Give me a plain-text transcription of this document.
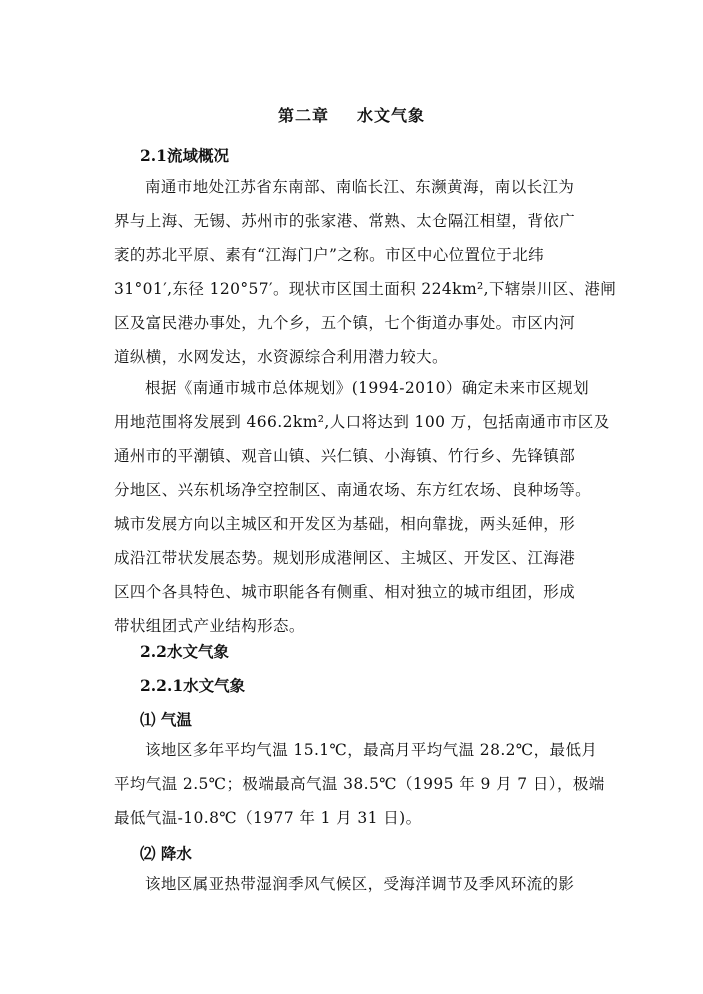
第二章 水文气象
2.1流域概况
南通市地处江苏省东南部、南临长江、东濒黄海，南以长江为
界与上海、无锡、苏州市的张家港、常熟、太仓隔江相望，背依广
袤的苏北平原、素有“江海门户”之称。市区中心位置位于北纬
31°01′,东径 120°57′。现状市区国土面积 224km²,下辖崇川区、港闸
区及富民港办事处，九个乡，五个镇，七个街道办事处。市区内河
道纵横，水网发达，水资源综合利用潜力较大。
根据《南通市城市总体规划》(1994-2010）确定未来市区规划
用地范围将发展到 466.2km²,人口将达到 100 万，包括南通市市区及
通州市的平潮镇、观音山镇、兴仁镇、小海镇、竹行乡、先锋镇部
分地区、兴东机场净空控制区、南通农场、东方红农场、良种场等。
城市发展方向以主城区和开发区为基础，相向靠拢，两头延伸，形
成沿江带状发展态势。规划形成港闸区、主城区、开发区、江海港
区四个各具特色、城市职能各有侧重、相对独立的城市组团，形成
带状组团式产业结构形态。
2.2水文气象
2.2.1水文气象
⑴ 气温
该地区多年平均气温 15.1℃，最高月平均气温 28.2℃，最低月
平均气温 2.5℃；极端最高气温 38.5℃（1995 年 9 月 7 日），极端
最低气温-10.8℃（1977 年 1 月 31 日)。
⑵ 降水
该地区属亚热带湿润季风气候区，受海洋调节及季风环流的影
